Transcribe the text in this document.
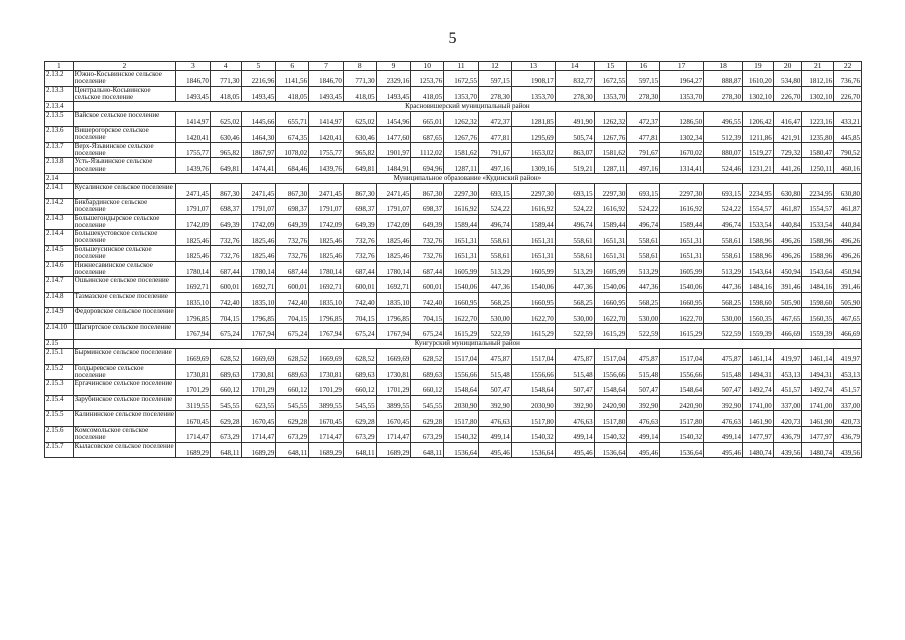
5
1	2	3	4	5	6	7	8	9	10	11	12	13	14	15	16	17	18	19	20	21	22
2.13.2	Южно-Косьвинское сельское поселение	1846,70	771,30	2216,96	1141,56	1846,70	771,30	2329,16	1253,76	1672,55	597,15	1908,17	832,77	1672,55	597,15	1964,27	888,87	1610,20	534,80	1812,16	736,76
2.13.3	Центрально-Косьвинское сельское поселение	1493,45	418,05	1493,45	418,05	1493,45	418,05	1493,45	418,05	1353,70	278,30	1353,70	278,30	1353,70	278,30	1353,70	278,30	1302,10	226,70	1302,10	226,70
2.13.4	Красновишерский муниципальный район																				
2.13.5	Вайское сельское поселение	1414,97	625,02	1445,66	655,71	1414,97	625,02	1454,96	665,01	1262,32	472,37	1281,85	491,90	1262,32	472,37	1286,50	496,55	1206,42	416,47	1223,16	433,21
2.13.6	Вишерогорское сельское поселение	1420,41	630,46	1464,30	674,35	1420,41	630,46	1477,60	687,65	1267,76	477,81	1295,69	505,74	1267,76	477,81	1302,34	512,39	1211,86	421,91	1235,80	445,85
2.13.7	Верх-Язьвинское сельское поселение	1755,77	965,82	1867,97	1078,02	1755,77	965,82	1901,97	1112,02	1581,62	791,67	1653,02	863,07	1581,62	791,67	1670,02	880,07	1519,27	729,32	1580,47	790,52
2.13.8	Усть-Язьвинское сельское поселение	1439,76	649,81	1474,41	684,46	1439,76	649,81	1484,91	694,96	1287,11	497,16	1309,16	519,21	1287,11	497,16	1314,41	524,46	1231,21	441,26	1250,11	460,16
2.14	Муниципальное образование «Кудинский район»																				
2.14.1	Кусалинское сельское поселение	2471,45	867,30	2471,45	867,30	2471,45	867,30	2471,45	867,30	2297,30	693,15	2297,30	693,15	2297,30	693,15	2297,30	693,15	2234,95	630,80	2234,95	630,80
2.14.2	Бикбардинское сельское поселение	1791,07	698,37	1791,07	698,37	1791,07	698,37	1791,07	698,37	1616,92	524,22	1616,92	524,22	1616,92	524,22	1616,92	524,22	1554,57	461,87	1554,57	461,87
2.14.3	Большегондырское сельское поселение	1742,09	649,39	1742,09	649,39	1742,09	649,39	1742,09	649,39	1589,44	496,74	1589,44	496,74	1589,44	496,74	1589,44	496,74	1533,54	440,84	1533,54	440,84
2.14.4	Большекустовское сельское поселение	1825,46	732,76	1825,46	732,76	1825,46	732,76	1825,46	732,76	1651,31	558,61	1651,31	558,61	1651,31	558,61	1651,31	558,61	1588,96	496,26	1588,96	496,26
2.14.5	Большеусинское сельское поселение	1825,46	732,76	1825,46	732,76	1825,46	732,76	1825,46	732,76	1651,31	558,61	1651,31	558,61	1651,31	558,61	1651,31	558,61	1588,96	496,26	1588,96	496,26
2.14.6	Нижнесавинское сельское поселение	1780,14	687,44	1780,14	687,44	1780,14	687,44	1780,14	687,44	1605,99	513,29	1605,99	513,29	1605,99	513,29	1605,99	513,29	1543,64	450,94	1543,64	450,94
2.14.7	Ошьинское сельское поселение	1692,71	600,01	1692,71	600,01	1692,71	600,01	1692,71	600,01	1540,06	447,36	1540,06	447,36	1540,06	447,36	1540,06	447,36	1484,16	391,46	1484,16	391,46
2.14.8	Тазмазское сельское поселение	1835,10	742,40	1835,10	742,40	1835,10	742,40	1835,10	742,40	1660,95	568,25	1660,95	568,25	1660,95	568,25	1660,95	568,25	1598,60	505,90	1598,60	505,90
2.14.9	Федоровское сельское поселение	1796,85	704,15	1796,85	704,15	1796,85	704,15	1796,85	704,15	1622,70	530,00	1622,70	530,00	1622,70	530,00	1622,70	530,00	1560,35	467,65	1560,35	467,65
2.14.10	Шагиртское сельское поселение	1767,94	675,24	1767,94	675,24	1767,94	675,24	1767,94	675,24	1615,29	522,59	1615,29	522,59	1615,29	522,59	1615,29	522,59	1559,39	466,69	1559,39	466,69
2.15	Кунгурский муниципальный район																				
2.15.1	Бырминское сельское поселение	1669,69	628,52	1669,69	628,52	1669,69	628,52	1669,69	628,52	1517,04	475,87	1517,04	475,87	1517,04	475,87	1517,04	475,87	1461,14	419,97	1461,14	419,97
2.15.2	Голдыревское сельское поселение	1730,81	689,63	1730,81	689,63	1730,81	689,63	1730,81	689,63	1556,66	515,48	1556,66	515,48	1556,66	515,48	1556,66	515,48	1494,31	453,13	1494,31	453,13
2.15.3	Ергачинское сельское поселение	1701,29	660,12	1701,29	660,12	1701,29	660,12	1701,29	660,12	1548,64	507,47	1548,64	507,47	1548,64	507,47	1548,64	507,47	1492,74	451,57	1492,74	451,57
2.15.4	Зарубинское сельское поселение	3119,55	545,55	623,55	545,55	3899,55	545,55	3899,55	545,55	2030,90	392,90	2030,90	392,90	2420,90	392,90	2420,90	392,90	1741,00	337,00	1741,00	337,00
2.15.5	Калининское сельское поселение	1670,45	629,28	1670,45	629,28	1670,45	629,28	1670,45	629,28	1517,80	476,63	1517,80	476,63	1517,80	476,63	1517,80	476,63	1461,90	420,73	1461,90	420,73
2.15.6	Комсомольское сельское поселение	1714,47	673,29	1714,47	673,29	1714,47	673,29	1714,47	673,29	1540,32	499,14	1540,32	499,14	1540,32	499,14	1540,32	499,14	1477,97	436,79	1477,97	436,79
2.15.7	Кыласовское сельское поселение	1689,29	648,11	1689,29	648,11	1689,29	648,11	1689,29	648,11	1536,64	495,46	1536,64	495,46	1536,64	495,46	1536,64	495,46	1480,74	439,56	1480,74	439,56
